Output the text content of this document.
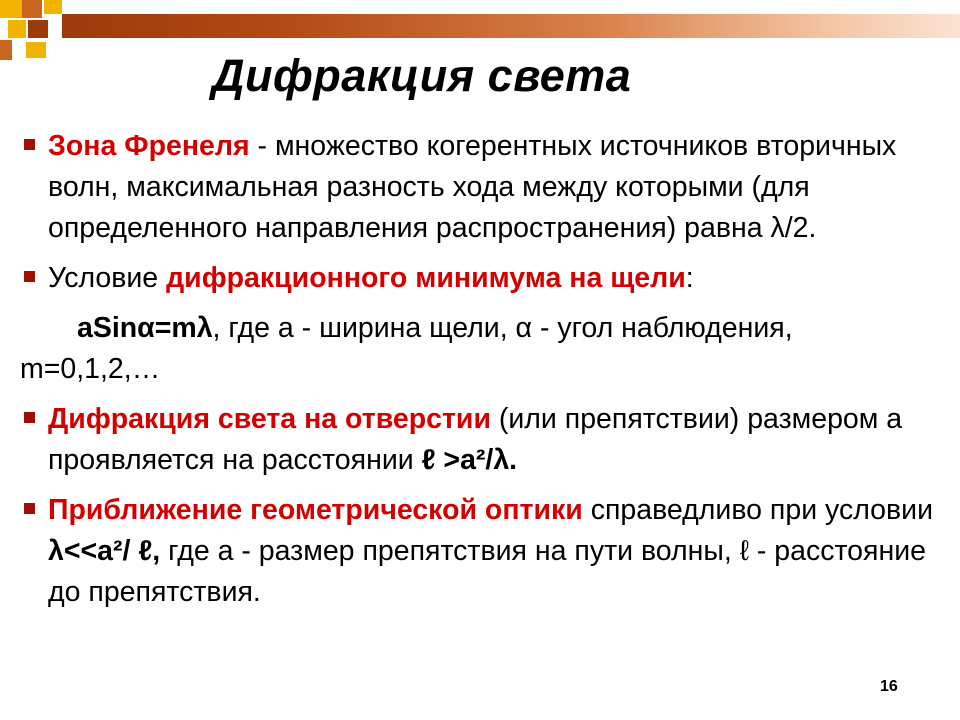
Дифракция света
Зона Френеля - множество когерентных источников вторичных волн, максимальная разность хода между которыми (для определенного направления распространения) равна λ/2.
Условие дифракционного минимума на щели:
aSinα=mλ, где а - ширина щели, α - угол наблюдения, m=0,1,2,…
Дифракция света на отверстии (или препятствии) размером а проявляется на расстоянии ℓ >a²/λ.
Приближение геометрической оптики справедливо при условии λ<<a²/ ℓ, где а - размер препятствия на пути волны, ℓ - расстояние до препятствия.
16
